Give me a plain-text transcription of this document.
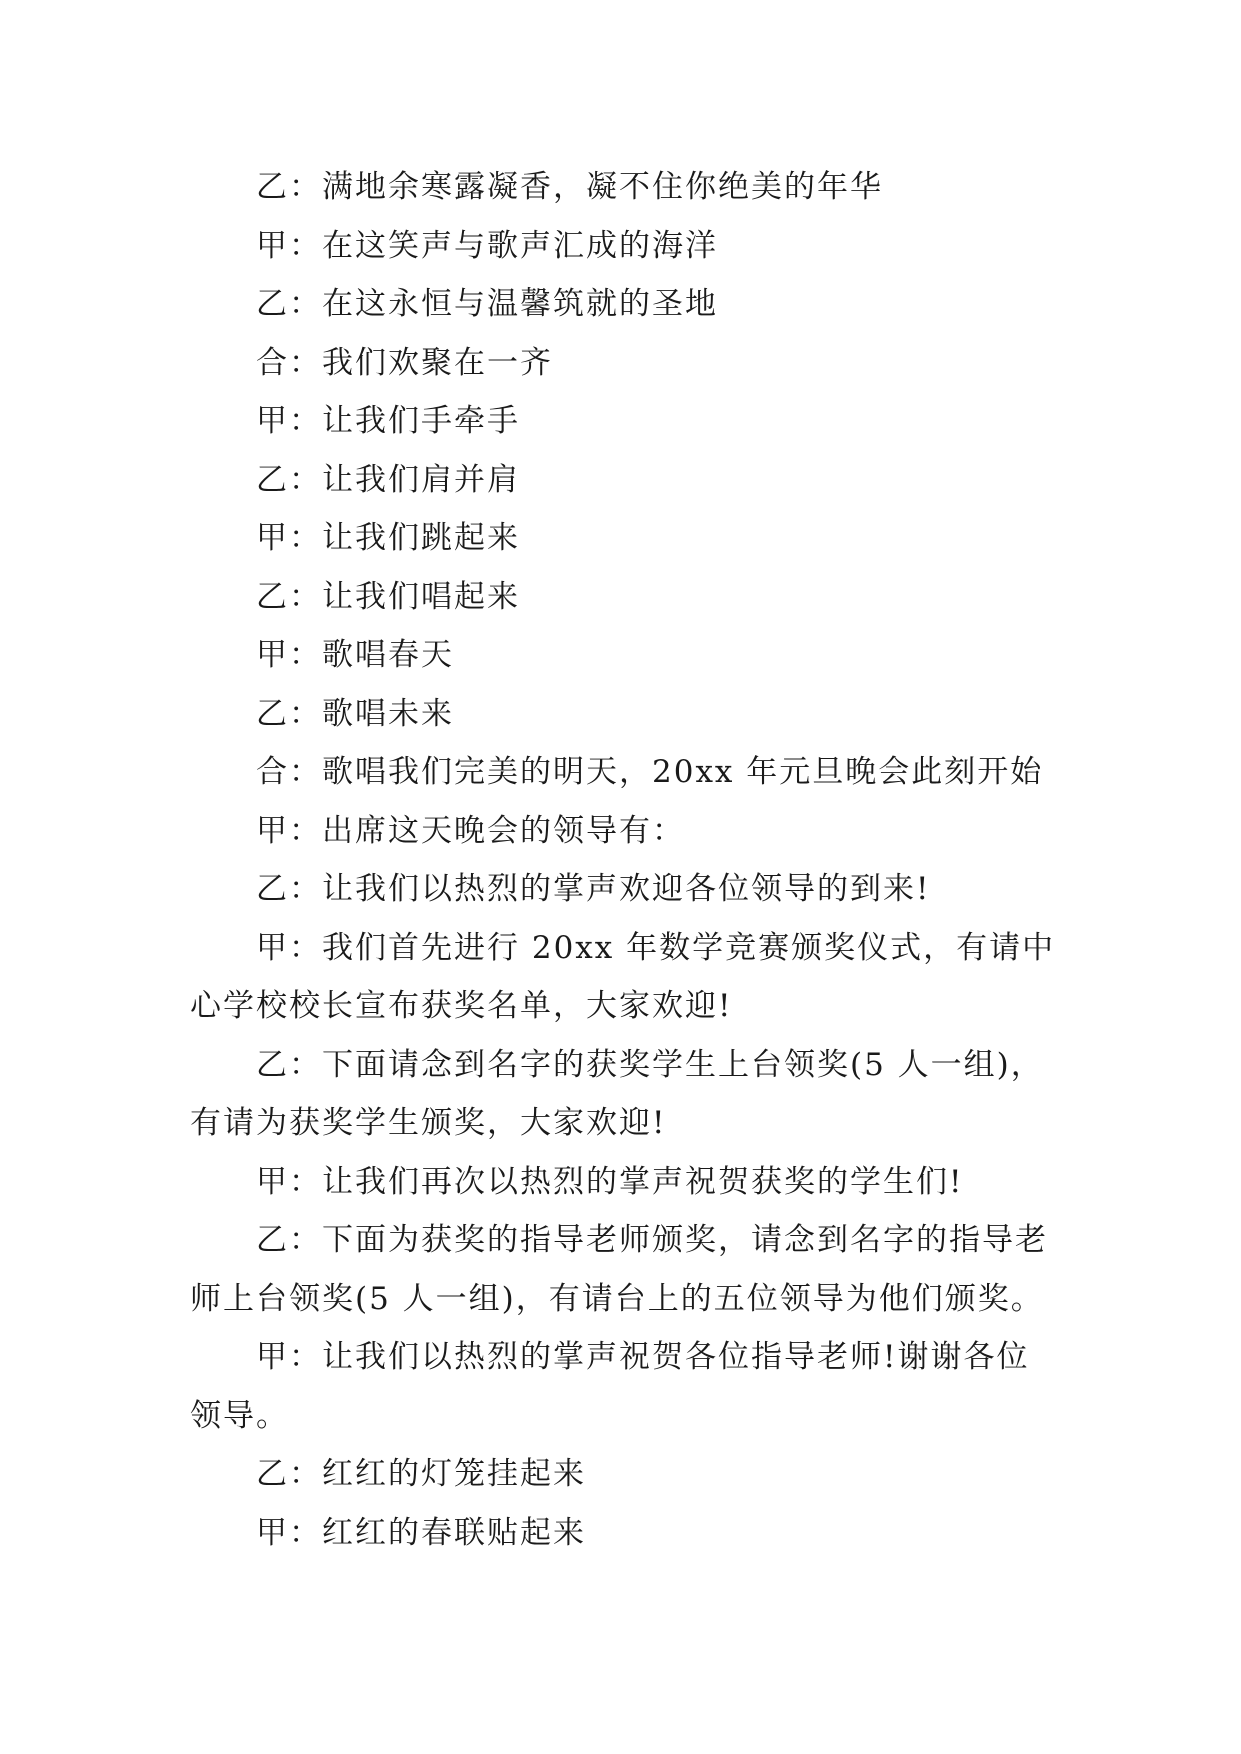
乙：满地余寒露凝香，凝不住你绝美的年华

甲：在这笑声与歌声汇成的海洋

乙：在这永恒与温馨筑就的圣地

合：我们欢聚在一齐

甲：让我们手牵手

乙：让我们肩并肩

甲：让我们跳起来

乙：让我们唱起来

甲：歌唱春天

乙：歌唱未来

合：歌唱我们完美的明天，20xx 年元旦晚会此刻开始

甲：出席这天晚会的领导有：

乙：让我们以热烈的掌声欢迎各位领导的到来!

甲：我们首先进行 20xx 年数学竞赛颁奖仪式，有请中心学校校长宣布获奖名单，大家欢迎!

乙：下面请念到名字的获奖学生上台领奖(5 人一组)，有请为获奖学生颁奖，大家欢迎!

甲：让我们再次以热烈的掌声祝贺获奖的学生们!

乙：下面为获奖的指导老师颁奖，请念到名字的指导老师上台领奖(5 人一组)，有请台上的五位领导为他们颁奖。

甲：让我们以热烈的掌声祝贺各位指导老师!谢谢各位领导。

乙：红红的灯笼挂起来

甲：红红的春联贴起来
